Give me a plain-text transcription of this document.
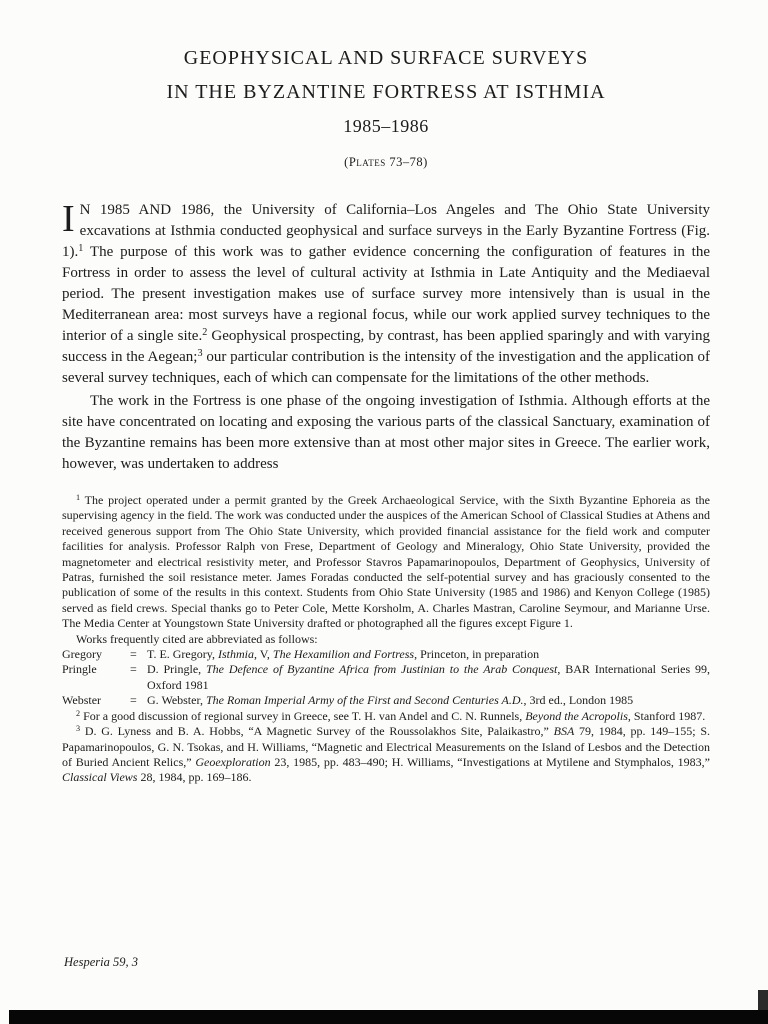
GEOPHYSICAL AND SURFACE SURVEYS
IN THE BYZANTINE FORTRESS AT ISTHMIA
1985–1986
(Plates 73–78)

I N 1985 AND 1986, the University of California–Los Angeles and The Ohio State University excavations at Isthmia conducted geophysical and surface surveys in the Early Byzantine Fortress (Fig. 1).$^1$ The purpose of this work was to gather evidence concerning the configuration of features in the Fortress in order to assess the level of cultural activity at Isthmia in Late Antiquity and the Mediaeval period. The present investigation makes use of surface survey more intensively than is usual in the Mediterranean area: most surveys have a regional focus, while our work applied survey techniques to the interior of a single site.$^2$ Geophysical prospecting, by contrast, has been applied sparingly and with varying success in the Aegean;$^3$ our particular contribution is the intensity of the investigation and the application of several survey techniques, each of which can compensate for the limitations of the other methods.

The work in the Fortress is one phase of the ongoing investigation of Isthmia. Although efforts at the site have concentrated on locating and exposing the various parts of the classical Sanctuary, examination of the Byzantine remains has been more extensive than at most other major sites in Greece. The earlier work, however, was undertaken to address

$^1$ The project operated under a permit granted by the Greek Archaeological Service, with the Sixth Byzantine Ephoreia as the supervising agency in the field. The work was conducted under the auspices of the American School of Classical Studies at Athens and received generous support from The Ohio State University, which provided financial assistance for the field work and computer facilities for analysis. Professor Ralph von Frese, Department of Geology and Mineralogy, Ohio State University, provided the magnetometer and electrical resistivity meter, and Professor Stavros Papamarinopoulos, Department of Geophysics, University of Patras, furnished the soil resistance meter. James Foradas conducted the self-potential survey and has graciously consented to the publication of some of the results in this context. Students from Ohio State University (1985 and 1986) and Kenyon College (1985) served as field crews. Special thanks go to Peter Cole, Mette Korsholm, A. Charles Mastran, Caroline Seymour, and Marianne Urse. The Media Center at Youngstown State University drafted or photographed all the figures except Figure 1.

Works frequently cited are abbreviated as follows:

Gregory	= T. E. Gregory, Isthmia, V, The Hexamilion and Fortress, Princeton, in preparation
Pringle	= D. Pringle, The Defence of Byzantine Africa from Justinian to the Arab Conquest, BAR International Series 99, Oxford 1981
Webster	= G. Webster, The Roman Imperial Army of the First and Second Centuries A.D., 3rd ed., London 1985

$^2$ For a good discussion of regional survey in Greece, see T. H. van Andel and C. N. Runnels, Beyond the Acropolis, Stanford 1987.

$^3$ D. G. Lyness and B. A. Hobbs, “A Magnetic Survey of the Roussolakhos Site, Palaikastro,” BSA 79, 1984, pp. 149–155; S. Papamarinopoulos, G. N. Tsokas, and H. Williams, “Magnetic and Electrical Measurements on the Island of Lesbos and the Detection of Buried Ancient Relics,” Geoexploration 23, 1985, pp. 483–490; H. Williams, “Investigations at Mytilene and Stymphalos, 1983,” Classical Views 28, 1984, pp. 169–186.

Hesperia 59, 3
